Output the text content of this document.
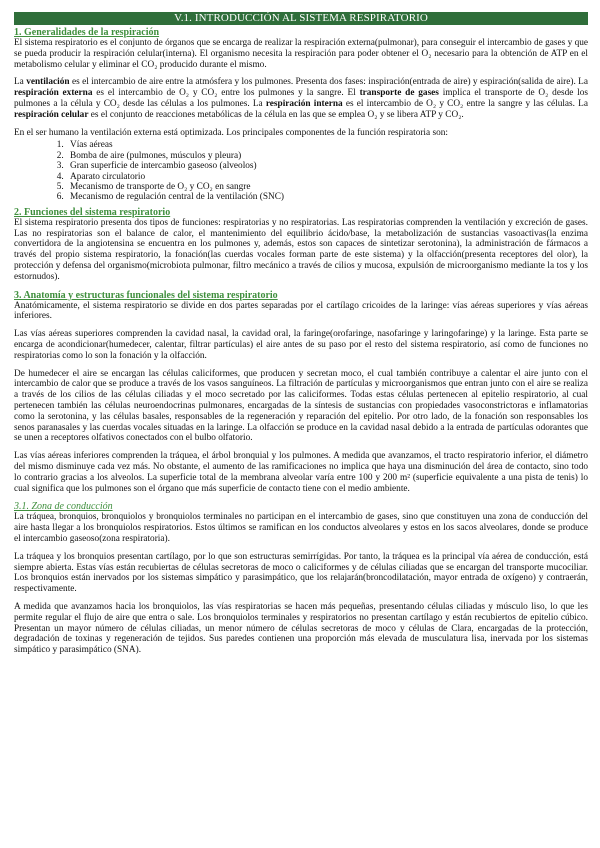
V.1. INTRODUCCIÓN AL SISTEMA RESPIRATORIO
1. Generalidades de la respiración

El sistema respiratorio es el conjunto de órganos que se encarga de realizar la respiración externa(pulmonar), para conseguir el intercambio de gases y que se pueda producir la respiración celular(interna). El organismo necesita la respiración para poder obtener el O₂ necesario para la obtención de ATP en el metabolismo celular y eliminar el CO₂ producido durante el mismo.

La ventilación es el intercambio de aire entre la atmósfera y los pulmones. Presenta dos fases: inspiración(entrada de aire) y espiración(salida de aire). La respiración externa es el intercambio de O₂ y CO₂ entre los pulmones y la sangre. El transporte de gases implica el transporte de O₂ desde los pulmones a la célula y CO₂ desde las células a los pulmones. La respiración interna es el intercambio de O₂ y CO₂ entre la sangre y las células. La respiración celular es el conjunto de reacciones metabólicas de la célula en las que se emplea O₂ y se libera ATP y CO₂.

En el ser humano la ventilación externa está optimizada. Los principales componentes de la función respiratoria son:

1. Vías aéreas
2. Bomba de aire (pulmones, músculos y pleura)
3. Gran superficie de intercambio gaseoso (alveolos)
4. Aparato circulatorio
5. Mecanismo de transporte de O₂ y CO₂ en sangre
6. Mecanismo de regulación central de la ventilación (SNC)
2. Funciones del sistema respiratorio

El sistema respiratorio presenta dos tipos de funciones: respiratorias y no respiratorias. Las respiratorias comprenden la ventilación y excreción de gases. Las no respiratorias son el balance de calor, el mantenimiento del equilibrio ácido/base, la metabolización de sustancias vasoactivas(la enzima convertidora de la angiotensina se encuentra en los pulmones y, además, estos son capaces de sintetizar serotonina), la administración de fármacos a través del propio sistema respiratorio, la fonación(las cuerdas vocales forman parte de este sistema) y la olfacción(presenta receptores del olor), la protección y defensa del organismo(microbiota pulmonar, filtro mecánico a través de cilios y mucosa, expulsión de microorganismo mediante la tos y los estornudos).

3. Anatomía y estructuras funcionales del sistema respiratorio

Anatómicamente, el sistema respiratorio se divide en dos partes separadas por el cartílago cricoides de la laringe: vías aéreas superiores y vías aéreas inferiores.

Las vías aéreas superiores comprenden la cavidad nasal, la cavidad oral, la faringe(orofaringe, nasofaringe y laringofaringe) y la laringe. Esta parte se encarga de acondicionar(humedecer, calentar, filtrar partículas) el aire antes de su paso por el resto del sistema respiratorio, así como de funciones no respiratorias como lo son la fonación y la olfacción.

De humedecer el aire se encargan las células caliciformes, que producen y secretan moco, el cual también contribuye a calentar el aire junto con el intercambio de calor que se produce a través de los vasos sanguíneos. La filtración de partículas y microorganismos que entran junto con el aire se realiza a través de los cilios de las células ciliadas y el moco secretado por las caliciformes. Todas estas células pertenecen al epitelio respiratorio, al cual pertenecen también las células neuroendocrinas pulmonares, encargadas de la síntesis de sustancias con propiedades vasoconstrictoras e inflamatorias como la serotonina, y las células basales, responsables de la regeneración y reparación del epitelio. Por otro lado, de la fonación son responsables los senos paranasales y las cuerdas vocales situadas en la laringe. La olfacción se produce en la cavidad nasal debido a la entrada de partículas odorantes que se unen a receptores olfativos conectados con el bulbo olfatorio.

Las vías aéreas inferiores comprenden la tráquea, el árbol bronquial y los pulmones. A medida que avanzamos, el tracto respiratorio inferior, el diámetro del mismo disminuye cada vez más. No obstante, el aumento de las ramificaciones no implica que haya una disminución del área de contacto, sino todo lo contrario gracias a los alveolos. La superficie total de la membrana alveolar varía entre 100 y 200 m² (superficie equivalente a una pista de tenis) lo cual significa que los pulmones son el órgano que más superficie de contacto tiene con el medio ambiente.

3.1. Zona de conducción

La tráquea, bronquios, bronquiolos y bronquiolos terminales no participan en el intercambio de gases, sino que constituyen una zona de conducción del aire hasta llegar a los bronquiolos respiratorios. Estos últimos se ramifican en los conductos alveolares y estos en los sacos alveolares, donde se produce el intercambio gaseoso(zona respiratoria).

La tráquea y los bronquios presentan cartílago, por lo que son estructuras semirrígidas. Por tanto, la tráquea es la principal vía aérea de conducción, está siempre abierta. Estas vías están recubiertas de células secretoras de moco o caliciformes y de células ciliadas que se encargan del transporte mucociliar. Los bronquios están inervados por los sistemas simpático y parasimpático, que los relajarán(broncodilatación, mayor entrada de oxígeno) y contraerán, respectivamente.

A medida que avanzamos hacia los bronquiolos, las vías respiratorias se hacen más pequeñas, presentando células ciliadas y músculo liso, lo que les permite regular el flujo de aire que entra o sale. Los bronquiolos terminales y respiratorios no presentan cartílago y están recubiertos de epitelio cúbico. Presentan un mayor número de células ciliadas, un menor número de células secretoras de moco y células de Clara, encargadas de la protección, degradación de toxinas y regeneración de tejidos. Sus paredes contienen una proporción más elevada de musculatura lisa, inervada por los sistemas simpático y parasimpático (SNA).
